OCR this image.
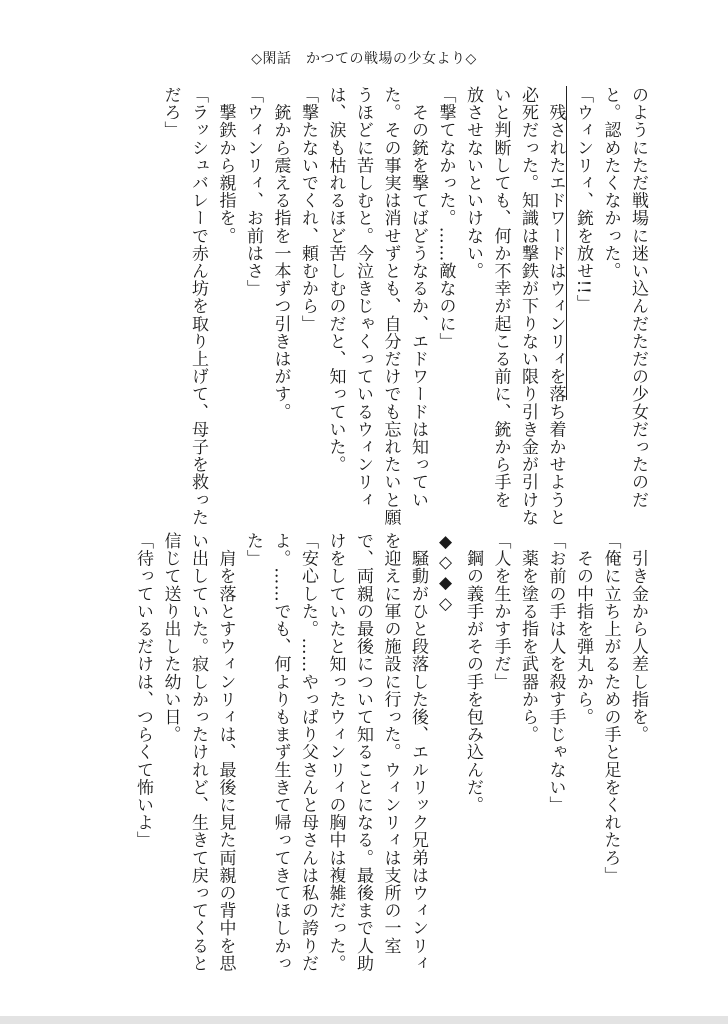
◇閑話　かつての戦場の少女より◇

のようにただ戦場に迷い込んだただの少女だったのだ

と。認めたくなかった。

「ウィンリィ、銃を放せ!!」

　残されたエドワードはウィンリィを落ち着かせようと

必死だった。知識は撃鉄が下りない限り引き金が引けな

いと判断しても、何か不幸が起こる前に、銃から手を

放させないといけない。

「撃てなかった。……敵なのに」

　その銃を撃てばどうなるか、エドワードは知ってい

た。その事実は消せずとも、自分だけでも忘れたいと願

うほどに苦しむと。今泣きじゃくっているウィンリィ

は、涙も枯れるほど苦しむのだと、知っていた。

「撃たないでくれ、頼むから」

　銃から震える指を一本ずつ引きはがす。

「ウィンリィ、お前はさ」

　撃鉄から親指を。

「ラッシュバレーで赤ん坊を取り上げて、母子を救った

だろ」

　引き金から人差し指を。

「俺に立ち上がるための手と足をくれたろ」

　その中指を弾丸から。

「お前の手は人を殺す手じゃない」

　薬を塗る指を武器から。

「人を生かす手だ」

　鋼の義手がその手を包み込んだ。

◆◇◆◇

　騒動がひと段落した後、エルリック兄弟はウィンリィ

を迎えに軍の施設に行った。ウィンリィは支所の一室

で、両親の最後について知ることになる。最後まで人助

けをしていたと知ったウィンリィの胸中は複雑だった。

「安心した。……やっぱり父さんと母さんは私の誇りだ

よ。……でも、何よりもまず生きて帰ってきてほしかっ

た」

　肩を落とすウィンリィは、最後に見た両親の背中を思

い出していた。寂しかったけれど、生きて戻ってくると

信じて送り出した幼い日。

「待っているだけは、つらくて怖いよ」
